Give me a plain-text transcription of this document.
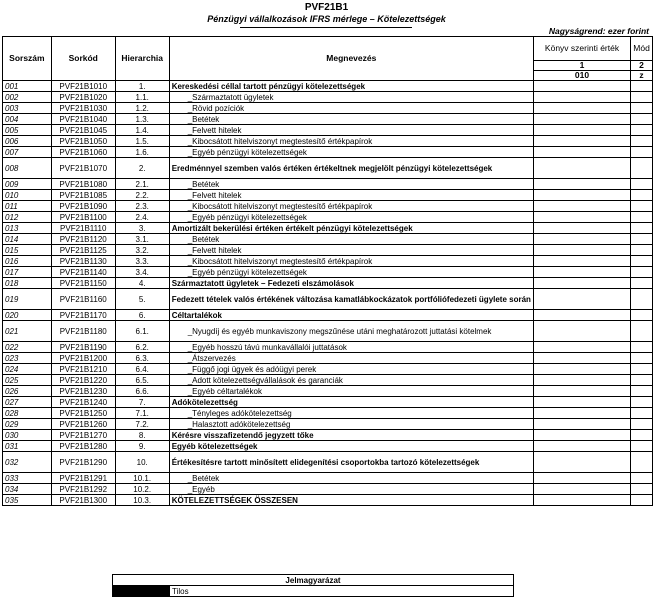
PVF21B1
Pénzügyi vállalkozások IFRS mérlege – Kötelezettségek
Nagyságrend: ezer forint
Sorszám	Sorkód	Hierarchia	Megnevezés	Könyv szerinti érték	Mód
				1	2
				010	z
001	PVF21B1010	1.	Kereskedési céllal tartott pénzügyi kötelezettségek		
002	PVF21B1020	1.1.	_Származtatott ügyletek		
003	PVF21B1030	1.2.	_Rövid pozíciók		
004	PVF21B1040	1.3.	_Betétek		
005	PVF21B1045	1.4.	_Felvett hitelek		
006	PVF21B1050	1.5.	_Kibocsátott hitelviszonyt megtestesítő értékpapírok		
007	PVF21B1060	1.6.	_Egyéb pénzügyi kötelezettségek		
008	PVF21B1070	2.	Eredménnyel szemben valós értéken értékeltnek megjelölt pénzügyi kötelezettségek		
009	PVF21B1080	2.1.	_Betétek		
010	PVF21B1085	2.2.	_Felvett hitelek		
011	PVF21B1090	2.3.	_Kibocsátott hitelviszonyt megtestesítő értékpapírok		
012	PVF21B1100	2.4.	_Egyéb pénzügyi kötelezettségek		
013	PVF21B1110	3.	Amortizált bekerülési értéken értékelt pénzügyi kötelezettségek		
014	PVF21B1120	3.1.	_Betétek		
015	PVF21B1125	3.2.	_Felvett hitelek		
016	PVF21B1130	3.3.	_Kibocsátott hitelviszonyt megtestesítő értékpapírok		
017	PVF21B1140	3.4.	_Egyéb pénzügyi kötelezettségek		
018	PVF21B1150	4.	Származtatott ügyletek – Fedezeti elszámolások		
019	PVF21B1160	5.	Fedezett tételek valós értékének változása kamatlábkockázatok portfóliófedezeti ügylete során		
020	PVF21B1170	6.	Céltartalékok		
021	PVF21B1180	6.1.	_Nyugdíj és egyéb munkaviszony megszűnése utáni meghatározott juttatási kötelmek		
022	PVF21B1190	6.2.	_Egyéb hosszú távú munkavállalói juttatások		
023	PVF21B1200	6.3.	_Átszervezés		
024	PVF21B1210	6.4.	_Függő jogi ügyek és adóügyi perek		
025	PVF21B1220	6.5.	_Adott kötelezettségvállalások és garanciák		
026	PVF21B1230	6.6.	_Egyéb céltartalékok		
027	PVF21B1240	7.	Adókötelezettség		
028	PVF21B1250	7.1.	_Tényleges adókötelezettség		
029	PVF21B1260	7.2.	_Halasztott adókötelezettség		
030	PVF21B1270	8.	Kérésre visszafizetendő jegyzett tőke		
031	PVF21B1280	9.	Egyéb kötelezettségek		
032	PVF21B1290	10.	Értékesítésre tartott minősített elidegenítési csoportokba tartozó kötelezettségek		
033	PVF21B1291	10.1.	_Betétek		
034	PVF21B1292	10.2.	_Egyéb		
035	PVF21B1300	10.3.	KÖTELEZETTSÉGEK ÖSSZESEN		
Jelmagyarázat
	Tilos
